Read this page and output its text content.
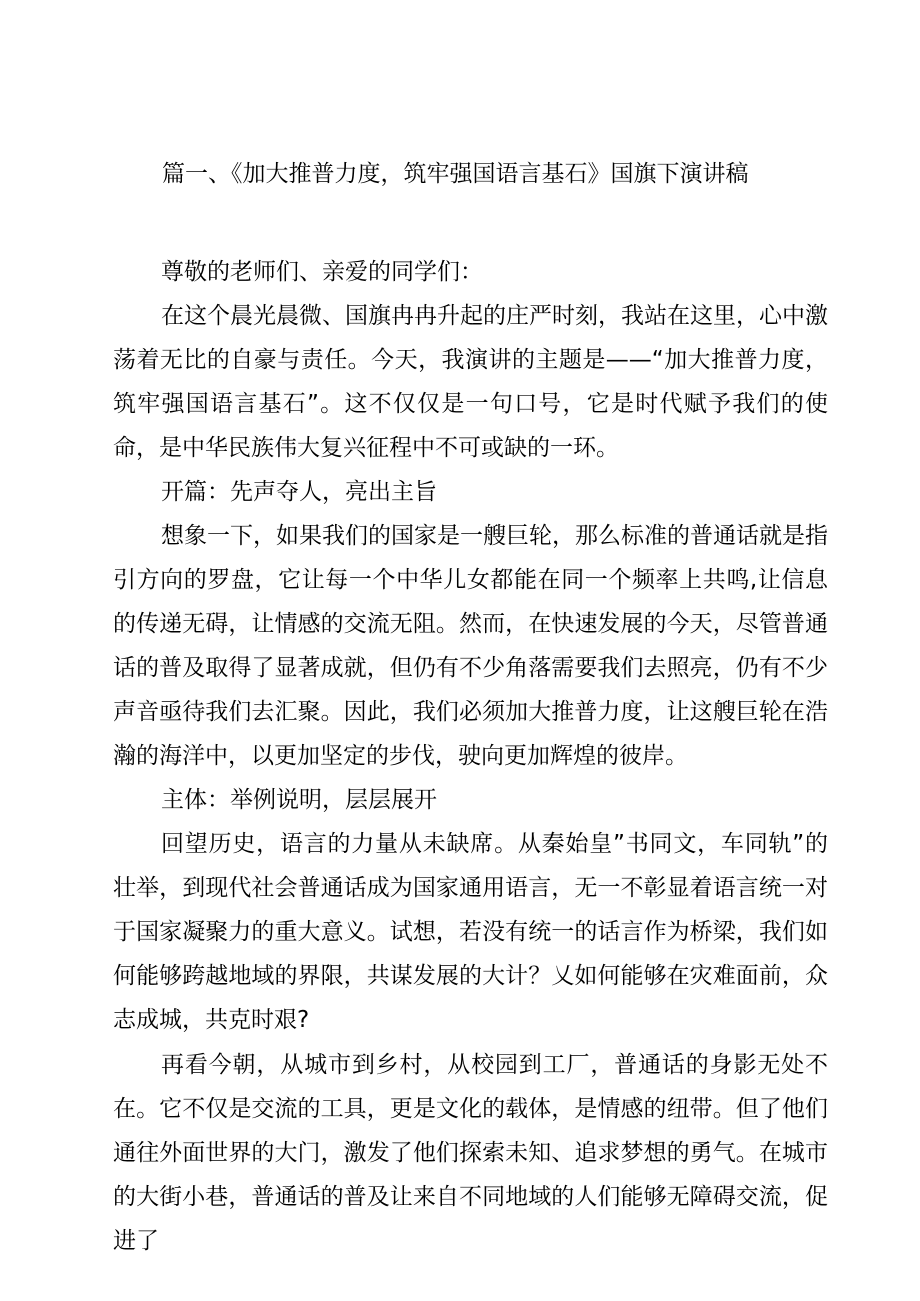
篇一、《加大推普力度，筑牢强国语言基石》国旗下演讲稿

尊敬的老师们、亲爱的同学们：

在这个晨光晨微、国旗冉冉升起的庄严时刻，我站在这里，心中激荡着无比的自豪与责任。今天，我演讲的主题是——“加大推普力度，筑牢强国语言基石”。这不仅仅是一句口号，它是时代赋予我们的使命，是中华民族伟大复兴征程中不可或缺的一环。

开篇：先声夺人，亮出主旨

想象一下，如果我们的国家是一艘巨轮，那么标准的普通话就是指引方向的罗盘，它让每一个中华儿女都能在同一个频率上共鸣,让信息的传递无碍，让情感的交流无阻。然而，在快速发展的今天，尽管普通话的普及取得了显著成就，但仍有不少角落需要我们去照亮，仍有不少声音亟待我们去汇聚。因此，我们必须加大推普力度，让这艘巨轮在浩瀚的海洋中，以更加坚定的步伐，驶向更加辉煌的彼岸。

主体：举例说明，层层展开

回望历史，语言的力量从未缺席。从秦始皇”书同文，车同轨”的壮举，到现代社会普通话成为国家通用语言，无一不彰显着语言统一对于国家凝聚力的重大意义。试想，若没有统一的话言作为桥梁，我们如何能够跨越地域的界限，共谋发展的大计？乂如何能够在灾难面前，众志成城，共克时艰?

再看今朝，从城市到乡村，从校园到工厂，普通话的身影无处不在。它不仅是交流的工具，更是文化的载体，是情感的纽带。但了他们通往外面世界的大门，激发了他们探索未知、追求梦想的勇气。在城市的大街小巷，普通话的普及让来自不同地域的人们能够无障碍交流，促进了
